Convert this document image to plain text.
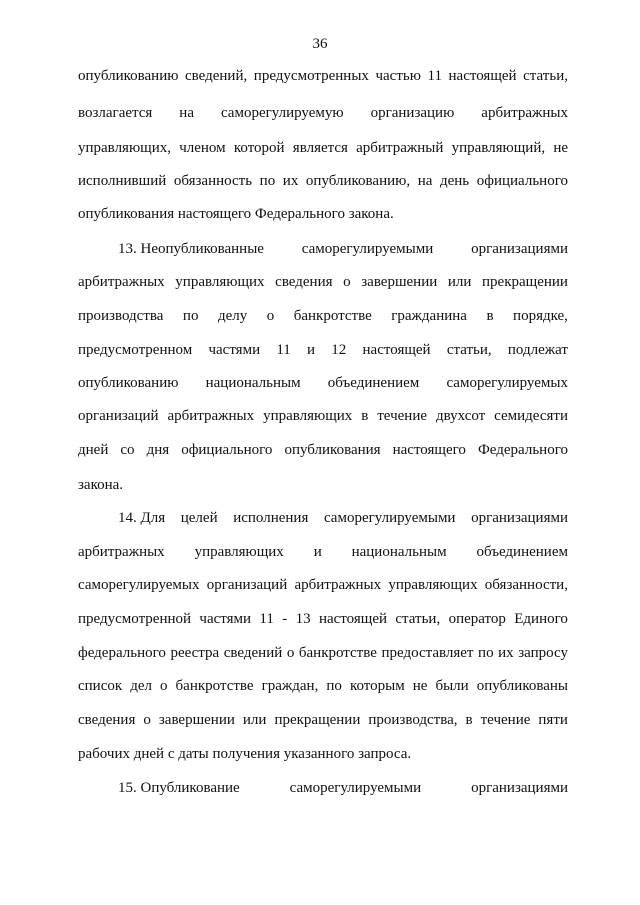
36
опубликованию сведений, предусмотренных частью 11 настоящей статьи,
возлагается на саморегулируемую организацию арбитражных
управляющих, членом которой является арбитражный управляющий, не
исполнивший обязанность по их опубликованию, на день официального
опубликования настоящего Федерального закона.
13. Неопубликованные	саморегулируемыми	организациями
арбитражных управляющих сведения о завершении или прекращении
производства по делу о банкротстве гражданина в порядке,
предусмотренном частями 11 и 12 настоящей статьи, подлежат
опубликованию национальным объединением саморегулируемых
организаций арбитражных управляющих в течение двухсот семидесяти
дней со дня официального опубликования настоящего Федерального
закона.
14. Для целей исполнения саморегулируемыми организациями
арбитражных управляющих и национальным объединением
саморегулируемых организаций арбитражных управляющих обязанности,
предусмотренной частями 11 - 13 настоящей статьи, оператор Единого
федерального реестра сведений о банкротстве предоставляет по их запросу
список дел о банкротстве граждан, по которым не были опубликованы
сведения о завершении или прекращении производства, в течение пяти
рабочих дней с даты получения указанного запроса.
15. Опубликование	саморегулируемыми	организациями
